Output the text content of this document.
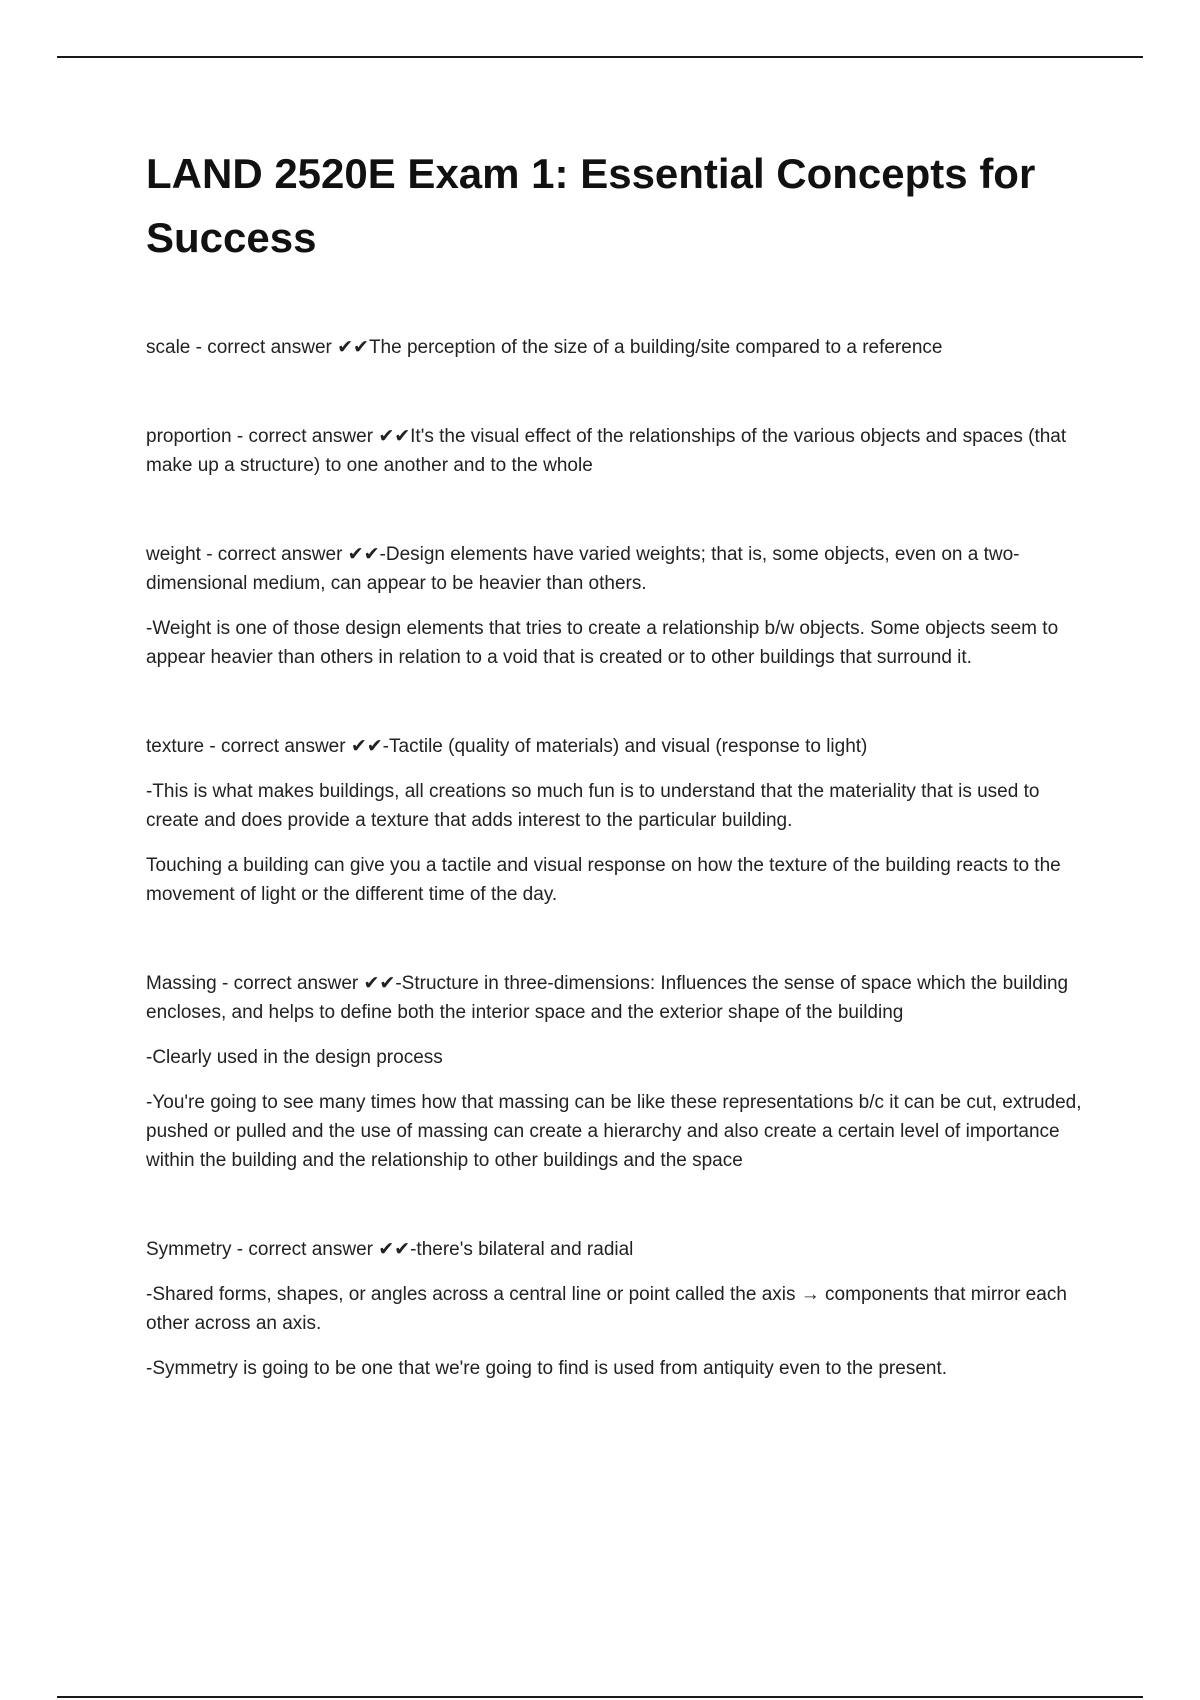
LAND 2520E Exam 1: Essential Concepts for Success

scale - correct answer ✔✔The perception of the size of a building/site compared to a reference

proportion - correct answer ✔✔It's the visual effect of the relationships of the various objects and spaces (that make up a structure) to one another and to the whole

weight - correct answer ✔✔-Design elements have varied weights; that is, some objects, even on a two-dimensional medium, can appear to be heavier than others.

-Weight is one of those design elements that tries to create a relationship b/w objects. Some objects seem to appear heavier than others in relation to a void that is created or to other buildings that surround it.

texture - correct answer ✔✔-Tactile (quality of materials) and visual (response to light)

-This is what makes buildings, all creations so much fun is to understand that the materiality that is used to create and does provide a texture that adds interest to the particular building.

Touching a building can give you a tactile and visual response on how the texture of the building reacts to the movement of light or the different time of the day.

Massing - correct answer ✔✔-Structure in three-dimensions: Influences the sense of space which the building encloses, and helps to define both the interior space and the exterior shape of the building

-Clearly used in the design process

-You're going to see many times how that massing can be like these representations b/c it can be cut, extruded, pushed or pulled and the use of massing can create a hierarchy and also create a certain level of importance within the building and the relationship to other buildings and the space

Symmetry - correct answer ✔✔-there's bilateral and radial

-Shared forms, shapes, or angles across a central line or point called the axis → components that mirror each other across an axis.

-Symmetry is going to be one that we're going to find is used from antiquity even to the present.
